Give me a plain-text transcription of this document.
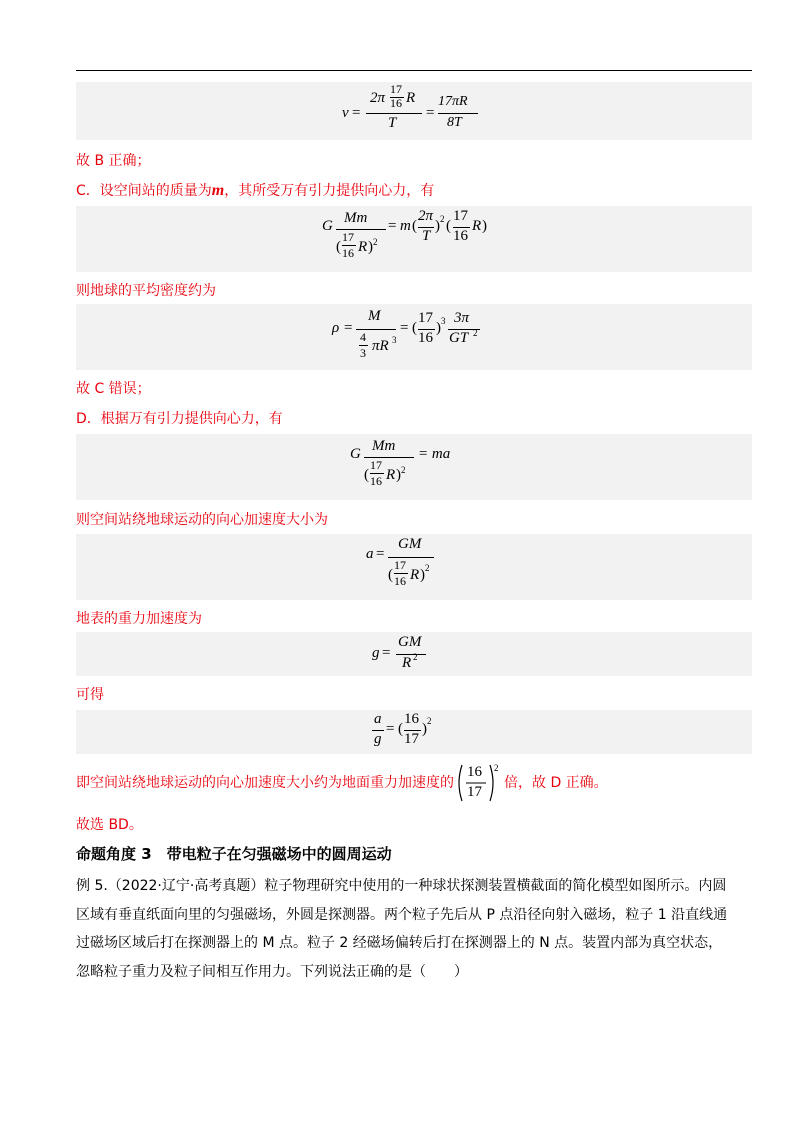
v =
17
2π 16 R
T
=
17πR
8T
故 B 正确；
C．设空间站的质量为m，其所受万有引力提供向心力，有
G Mm
(
17
16 R ) 2
= m (
2π
T
) 2 (
17
16
R )
则地球的平均密度约为
ρ =
M
4
3 πR 3
= (
17
16
) 3 3π
GT 2
故 C 错误；
D．根据万有引力提供向心力，有
G Mm
(
17
16 R ) 2
= ma
则空间站绕地球运动的向心加速度大小为
a =
GM
(
17
16 R ) 2
地表的重力加速度为
g =
GM
R 2
可得
a
g
= (
16
17
) 2
即空间站绕地球运动的向心加速度大小约为地面重力加速度的
16
17
2
倍，故 D 正确。
故选 BD。
命题角度 3　带电粒子在匀强磁场中的圆周运动
例 5.（2022·辽宁·高考真题）粒子物理研究中使用的一种球状探测装置横截面的简化模型如图所示。内圆
区域有垂直纸面向里的匀强磁场，外圆是探测器。两个粒子先后从 P 点沿径向射入磁场，粒子 1 沿直线通
过磁场区域后打在探测器上的 M 点。粒子 2 经磁场偏转后打在探测器上的 N 点。装置内部为真空状态，
忽略粒子重力及粒子间相互作用力。下列说法正确的是（　　）
